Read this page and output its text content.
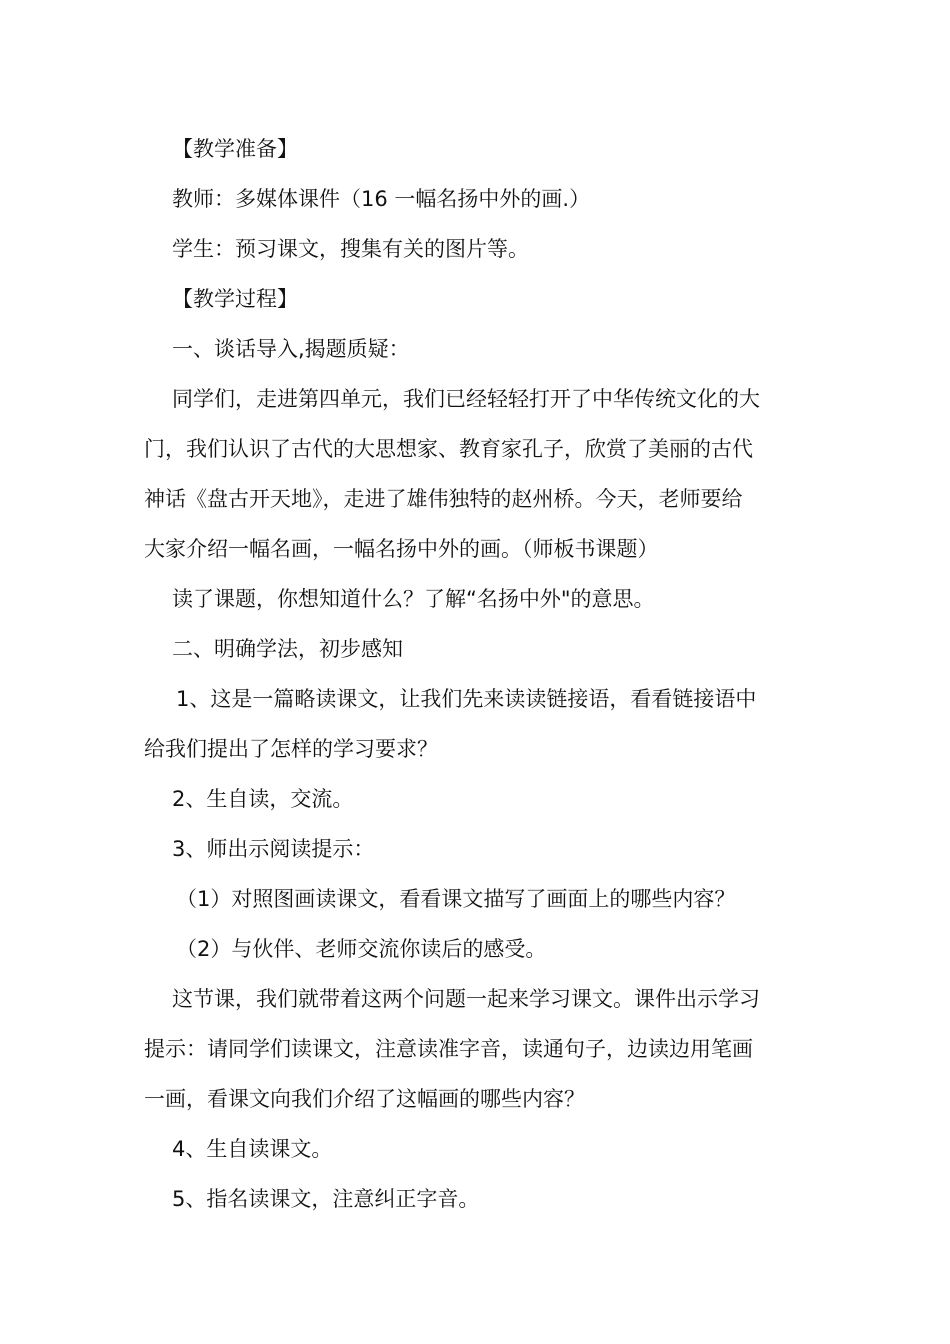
【教学准备】
教师：多媒体课件（16 一幅名扬中外的画.）
学生：预习课文，搜集有关的图片等。
【教学过程】
一、谈话导入,揭题质疑：
同学们，走进第四单元，我们已经轻轻打开了中华传统文化的大
门，我们认识了古代的大思想家、教育家孔子，欣赏了美丽的古代
神话《盘古开天地》，走进了雄伟独特的赵州桥。今天，老师要给
大家介绍一幅名画，一幅名扬中外的画。（师板书课题）
读了课题，你想知道什么？了解“名扬中外"的意思。
二、明确学法，初步感知
1、这是一篇略读课文，让我们先来读读链接语，看看链接语中
给我们提出了怎样的学习要求？
2、生自读，交流。
3、师出示阅读提示：
（1）对照图画读课文，看看课文描写了画面上的哪些内容？
（2）与伙伴、老师交流你读后的感受。
这节课，我们就带着这两个问题一起来学习课文。课件出示学习
提示：请同学们读课文，注意读准字音，读通句子，边读边用笔画
一画，看课文向我们介绍了这幅画的哪些内容？
4、生自读课文。
5、指名读课文，注意纠正字音。
